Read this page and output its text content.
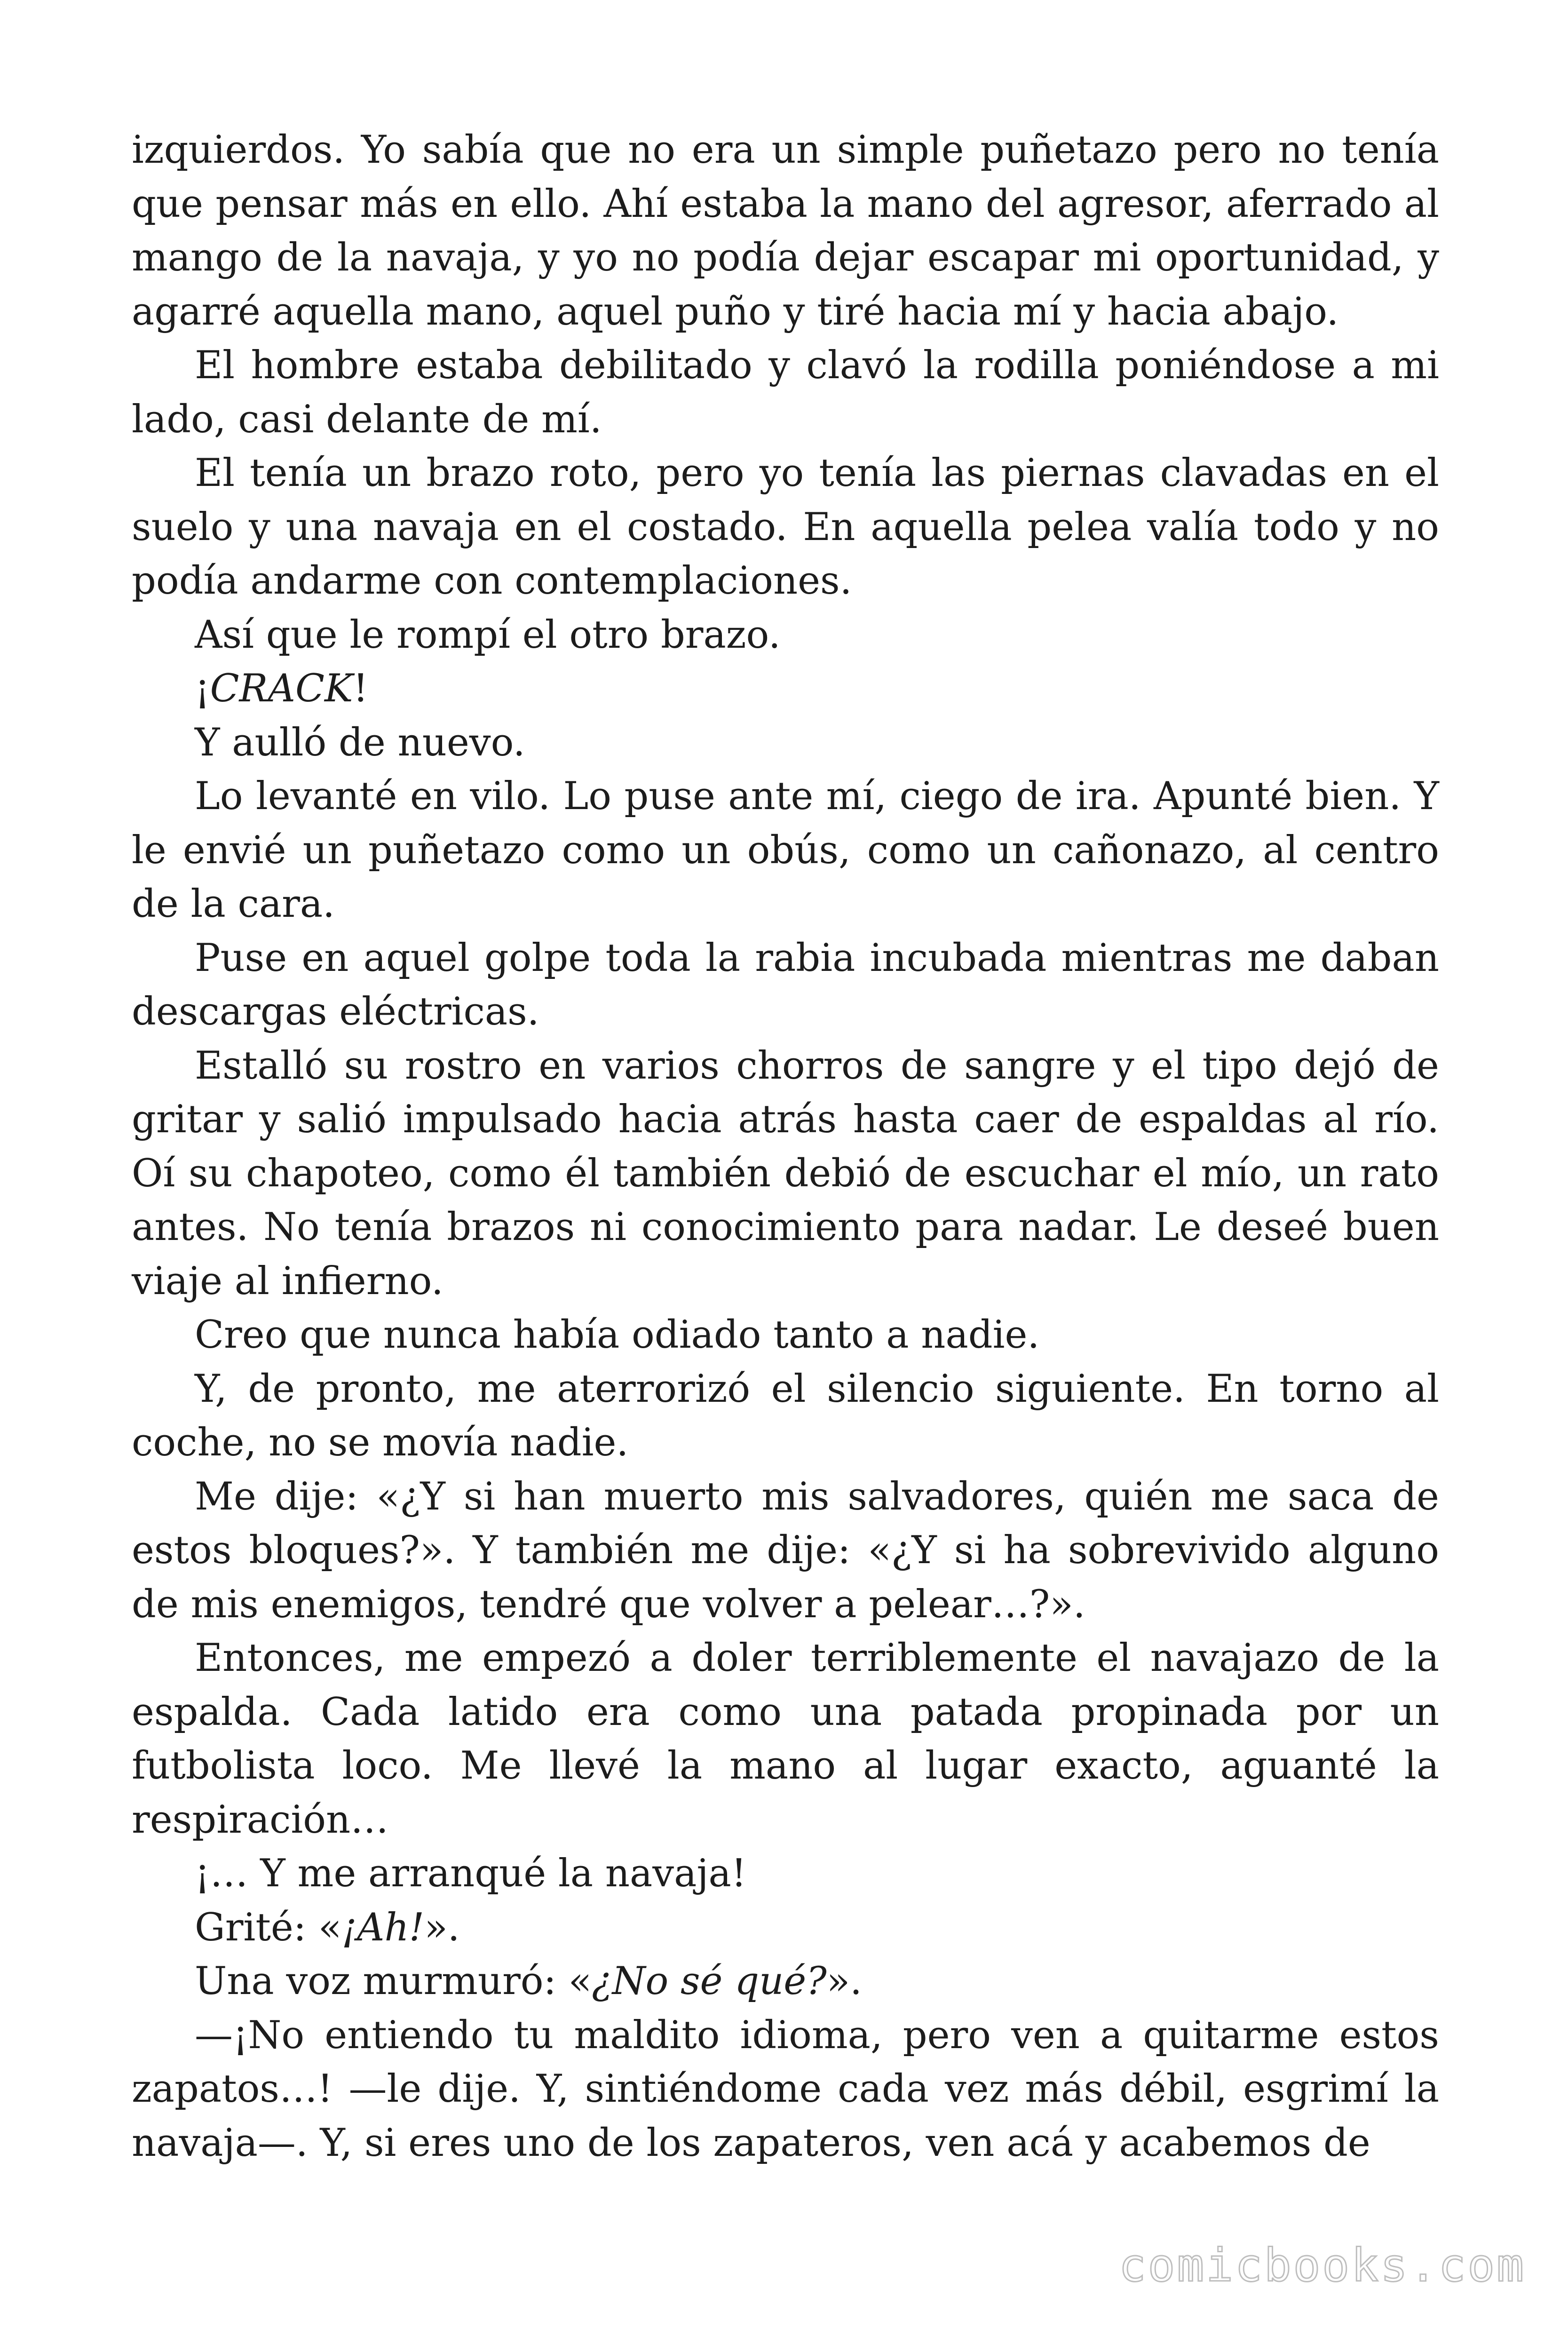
izquierdos. Yo sabía que no era un simple puñetazo pero no tenía que pensar más en ello. Ahí estaba la mano del agresor, aferrado al mango de la navaja, y yo no podía dejar escapar mi oportunidad, y agarré aquella mano, aquel puño y tiré hacia mí y hacia abajo.

El hombre estaba debilitado y clavó la rodilla poniéndose a mi lado, casi delante de mí.

El tenía un brazo roto, pero yo tenía las piernas clavadas en el suelo y una navaja en el costado. En aquella pelea valía todo y no podía andarme con contemplaciones.

Así que le rompí el otro brazo.

¡CRACK!

Y aulló de nuevo.

Lo levanté en vilo. Lo puse ante mí, ciego de ira. Apunté bien. Y le envié un puñetazo como un obús, como un cañonazo, al centro de la cara.

Puse en aquel golpe toda la rabia incubada mientras me daban descargas eléctricas.

Estalló su rostro en varios chorros de sangre y el tipo dejó de gritar y salió impulsado hacia atrás hasta caer de espaldas al río. Oí su chapoteo, como él también debió de escuchar el mío, un rato antes. No tenía brazos ni conocimiento para nadar. Le deseé buen viaje al infierno.

Creo que nunca había odiado tanto a nadie.

Y, de pronto, me aterrorizó el silencio siguiente. En torno al coche, no se movía nadie.

Me dije: «¿Y si han muerto mis salvadores, quién me saca de estos bloques?». Y también me dije: «¿Y si ha sobrevivido alguno de mis enemigos, tendré que volver a pelear…?».

Entonces, me empezó a doler terriblemente el navajazo de la espalda. Cada latido era como una patada propinada por un futbolista loco. Me llevé la mano al lugar exacto, aguanté la respiración…

¡… Y me arranqué la navaja!

Grité: «¡Ah!».

Una voz murmuró: «¿No sé qué?».

—¡No entiendo tu maldito idioma, pero ven a quitarme estos zapatos…! —le dije. Y, sintiéndome cada vez más débil, esgrimí la navaja—. Y, si eres uno de los zapateros, ven acá y acabemos de

comicbooks.com
